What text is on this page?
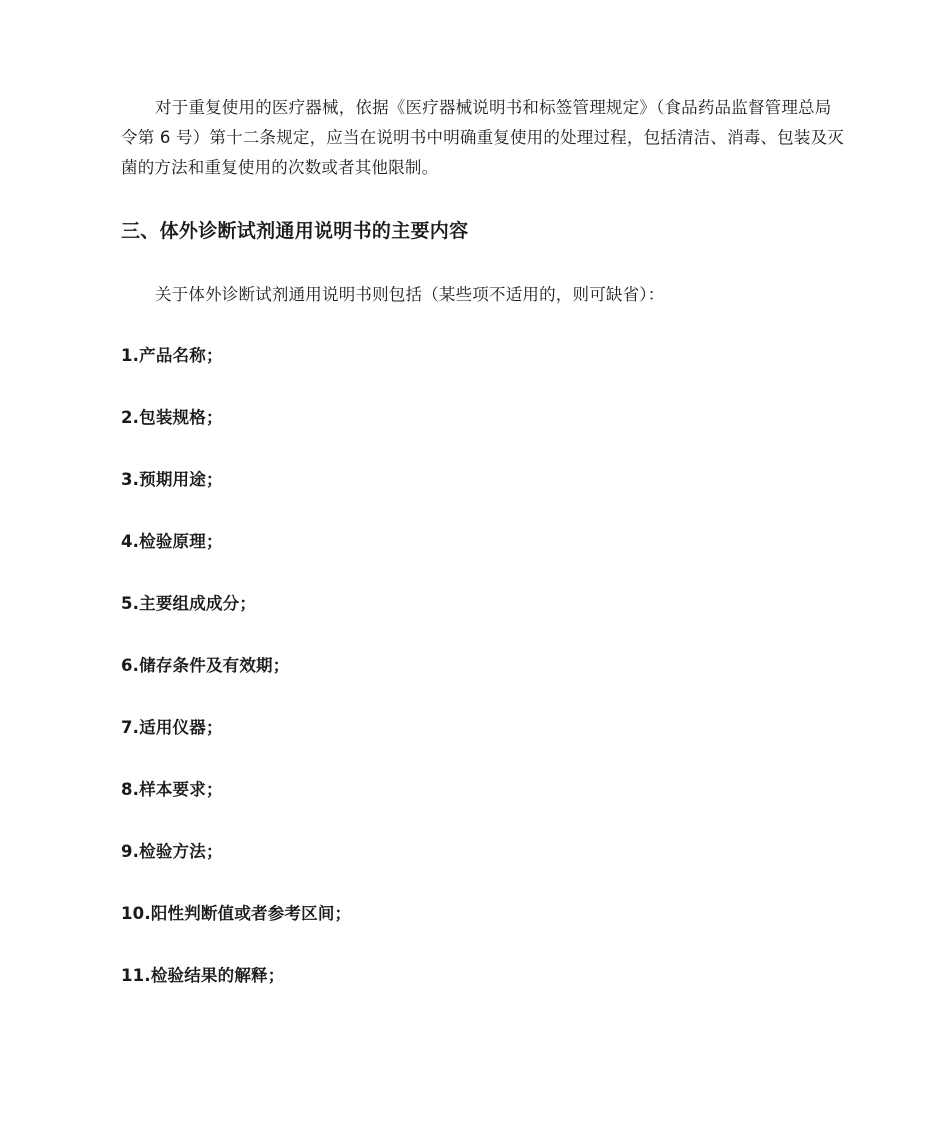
对于重复使用的医疗器械，依据《医疗器械说明书和标签管理规定》（食品药品监督管理总局令第 6 号）第十二条规定，应当在说明书中明确重复使用的处理过程，包括清洁、消毒、包装及灭菌的方法和重复使用的次数或者其他限制。

三、体外诊断试剂通用说明书的主要内容

关于体外诊断试剂通用说明书则包括（某些项不适用的，则可缺省）：

1.产品名称；
2.包装规格；
3.预期用途；
4.检验原理；
5.主要组成成分；
6.储存条件及有效期；
7.适用仪器；
8.样本要求；
9.检验方法；
10.阳性判断值或者参考区间；
11.检验结果的解释；
